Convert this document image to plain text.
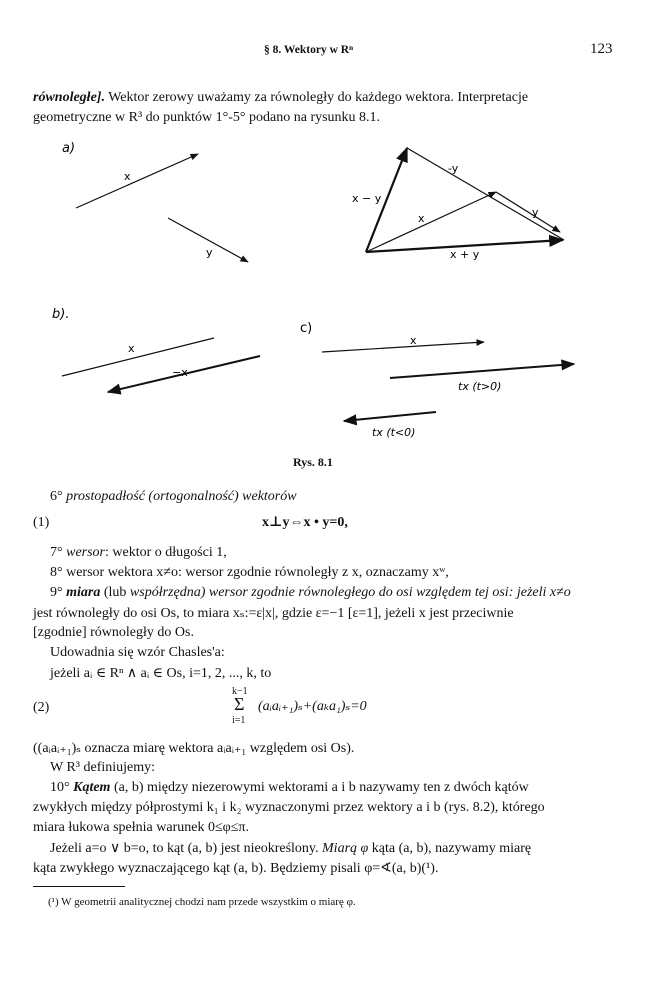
§ 8. Wektory w Rⁿ	123
równoległe]. Wektor zerowy uważamy za równoległy do każdego wektora. Interpretacje
geometryczne w R³ do punktów 1°-5° podano na rysunku 8.1.
a)
x
y
-y
x − y
x	y
x + y
b).
x
−x
c)
x
tx (t>0)
tx (t<0)
Rys. 8.1
6° prostopadłość (ortogonalność) wektorów
(1)	x⊥y⇔x • y=0,
7° wersor: wektor o długości 1,
8° wersor wektora x≠o: wersor zgodnie równoległy z x, oznaczamy xʷ,
9° miara (lub współrzędna) wersor zgodnie równoległego do osi względem tej osi: jeżeli x≠o
jest równoległy do osi Os, to miara xₛ:=ε|x|, gdzie ε=−1 [ε=1], jeżeli x jest przeciwnie
[zgodnie] równoległy do Os.
Udowadnia się wzór Chasles'a:
jeżeli aᵢ ∈ Rⁿ ∧ aᵢ ∈ Os, i=1, 2, ..., k, to
(2)
k−1
Σ
i=1
(aᵢaᵢ₊₁)ₛ+(aₖa₁)ₛ=0
((aᵢaᵢ₊₁)ₛ oznacza miarę wektora aᵢaᵢ₊₁ względem osi Os).
W R³ definiujemy:
10° Kątem (a, b) między niezerowymi wektorami a i b nazywamy ten z dwóch kątów
zwykłych między półprostymi k₁ i k₂ wyznaczonymi przez wektory a i b (rys. 8.2), którego
miara łukowa spełnia warunek 0≤φ≤π.
Jeżeli a=o ∨ b=o, to kąt (a, b) jest nieokreślony. Miarą φ kąta (a, b), nazywamy miarę
kąta zwykłego wyznaczającego kąt (a, b). Będziemy pisali φ=∢(a, b)(¹).
(¹) W geometrii analitycznej chodzi nam przede wszystkim o miarę φ.
